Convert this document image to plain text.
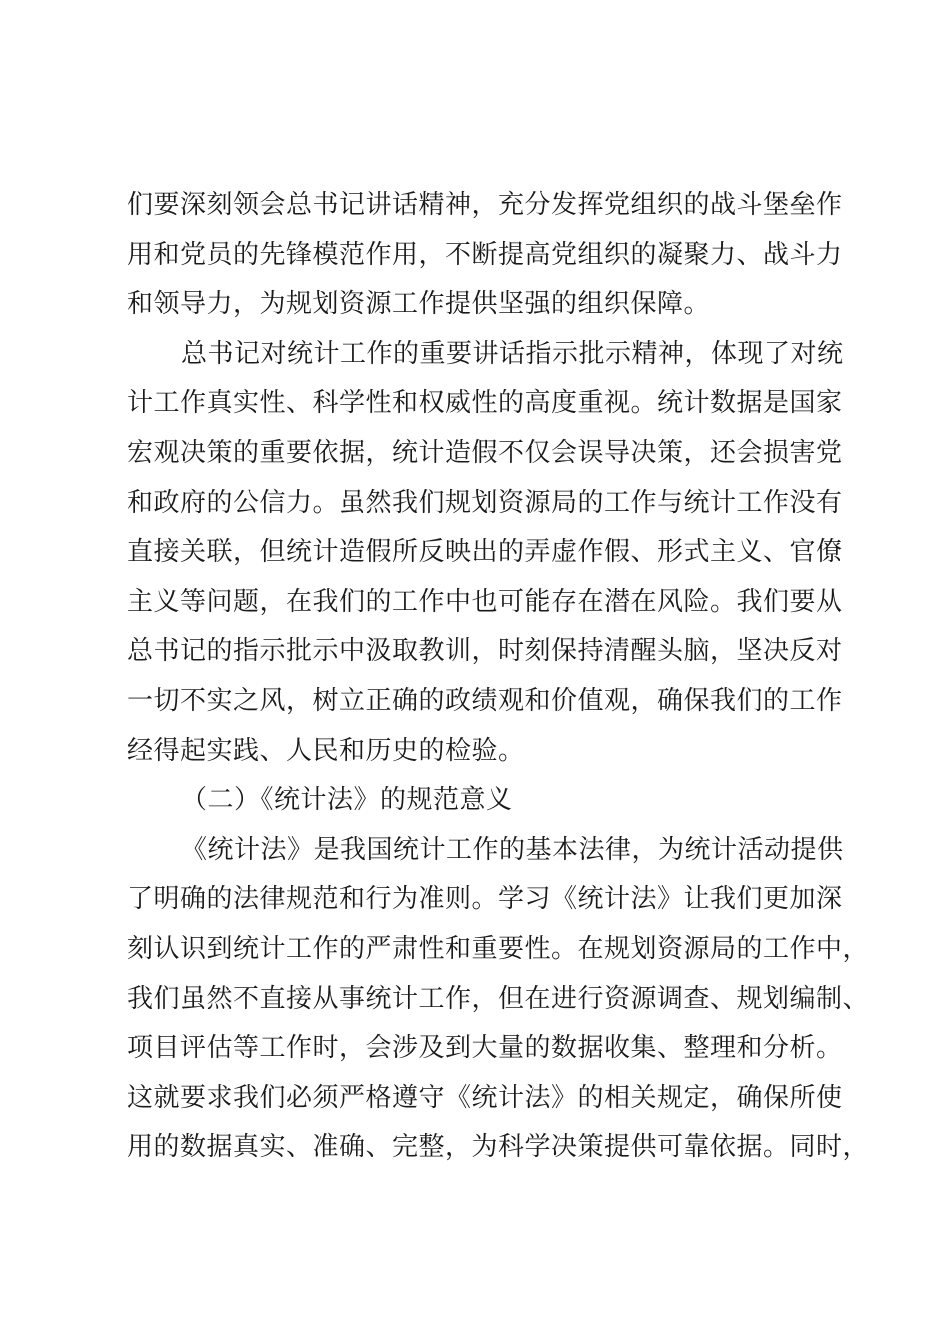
们要深刻领会总书记讲话精神，充分发挥党组织的战斗堡垒作
用和党员的先锋模范作用，不断提高党组织的凝聚力、战斗力
和领导力，为规划资源工作提供坚强的组织保障。
总书记对统计工作的重要讲话指示批示精神，体现了对统
计工作真实性、科学性和权威性的高度重视。统计数据是国家
宏观决策的重要依据，统计造假不仅会误导决策，还会损害党
和政府的公信力。虽然我们规划资源局的工作与统计工作没有
直接关联，但统计造假所反映出的弄虚作假、形式主义、官僚
主义等问题，在我们的工作中也可能存在潜在风险。我们要从
总书记的指示批示中汲取教训，时刻保持清醒头脑，坚决反对
一切不实之风，树立正确的政绩观和价值观，确保我们的工作
经得起实践、人民和历史的检验。
（二）《统计法》的规范意义
《统计法》是我国统计工作的基本法律，为统计活动提供
了明确的法律规范和行为准则。学习《统计法》让我们更加深
刻认识到统计工作的严肃性和重要性。在规划资源局的工作中，
我们虽然不直接从事统计工作，但在进行资源调查、规划编制、
项目评估等工作时，会涉及到大量的数据收集、整理和分析。
这就要求我们必须严格遵守《统计法》的相关规定，确保所使
用的数据真实、准确、完整，为科学决策提供可靠依据。同时，
